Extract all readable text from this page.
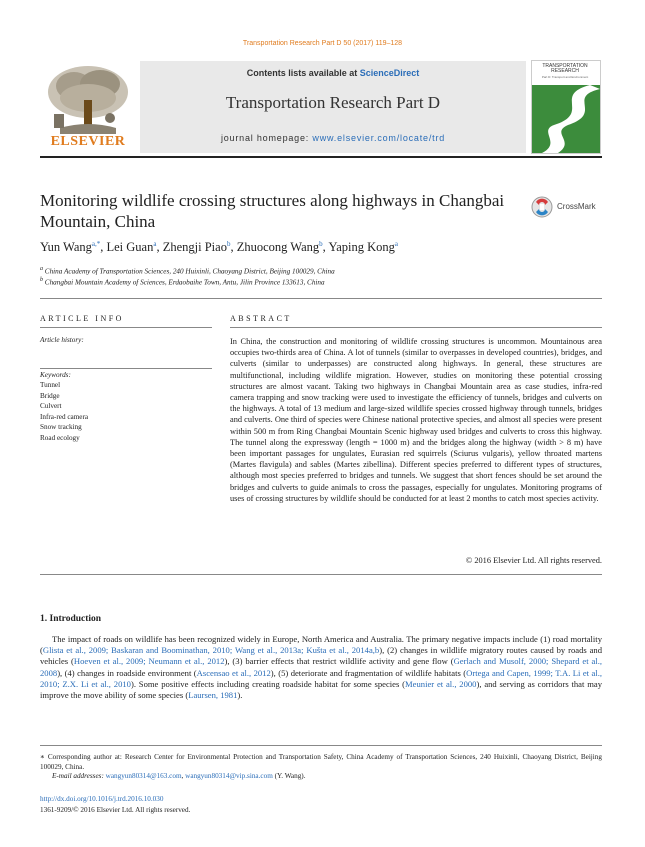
Transportation Research Part D 50 (2017) 119–128
ELSEVIER
Contents lists available at ScienceDirect
Transportation Research Part D
journal homepage: www.elsevier.com/locate/trd
TRANSPORTATION RESEARCH
Part D: Transport and Environment
Monitoring wildlife crossing structures along highways in Changbai Mountain, China
CrossMark
Yun Wang$^{a,*}$, Lei Guan$^a$, Zhengji Piao$^b$, Zhuocong Wang$^b$, Yaping Kong$^a$
$^a$ China Academy of Transportation Sciences, 240 Huixinli, Chaoyang District, Beijing 100029, China
$^b$ Changbai Mountain Academy of Sciences, Erdaobaihe Town, Antu, Jilin Province 133613, China
ARTICLE INFO	ABSTRACT
Article history:
Keywords:
Tunnel
Bridge
Culvert
Infra-red camera
Snow tracking
Road ecology
In China, the construction and monitoring of wildlife crossing structures is uncommon. Mountainous area occupies two-thirds area of China. A lot of tunnels (similar to overpasses in developed countries), bridges, and culverts (similar to underpasses) are constructed along highways. In general, these structures are multifunctional, including wildlife migration. However, studies on monitoring these potential crossing structures are almost vacant. Taking two highways in Changbai Mountain area as case studies, infra-red camera trapping and snow tracking were used to investigate the efficiency of tunnels, bridges and culverts on the highways. A total of 13 medium and large-sized wildlife species crossed highway through tunnels, bridges and culverts. One third of species were Chinese national protective species, and almost all species were present within 500 m from Ring Changbai Mountain Scenic highway used bridges and culverts to cross this highway. The tunnel along the expressway (length = 1000 m) and the bridges along the highway (width > 8 m) have been important passages for ungulates, Eurasian red squirrels (Sciurus vulgaris), yellow throated martens (Martes flavigula) and sables (Martes zibellina). Different species preferred to different types of structures, although most species preferred to bridges and tunnels. We suggest that short fences should be set around the bridges and culverts to guide animals to cross the passages, especially for ungulates. Monitoring programs of uses of crossing structures by wildlife should be conducted for at least 2 months to catch most species activity.
© 2016 Elsevier Ltd. All rights reserved.
1. Introduction
The impact of roads on wildlife has been recognized widely in Europe, North America and Australia. The primary negative impacts include (1) road mortality (Glista et al., 2009; Baskaran and Boominathan, 2010; Wang et al., 2013a; Kušta et al., 2014a,b), (2) changes in wildlife migratory routes caused by roads and vehicles (Hoeven et al., 2009; Neumann et al., 2012), (3) barrier effects that restrict wildlife activity and gene flow (Gerlach and Musolf, 2000; Shepard et al., 2008), (4) changes in roadside environment (Ascensao et al., 2012), (5) deteriorate and fragmentation of wildlife habitats (Ortega and Capen, 1999; T.A. Li et al., 2010; Z.X. Li et al., 2010). Some positive effects including creating roadside habitat for some species (Meunier et al., 2000), and serving as corridors that may improve the move ability of some species (Laursen, 1981).
∗ Corresponding author at: Research Center for Environmental Protection and Transportation Safety, China Academy of Transportation Sciences, 240 Huixinli, Chaoyang District, Beijing 100029, China.
E-mail addresses: wangyun80314@163.com, wangyun80314@vip.sina.com (Y. Wang).
http://dx.doi.org/10.1016/j.trd.2016.10.030
1361-9209/© 2016 Elsevier Ltd. All rights reserved.
